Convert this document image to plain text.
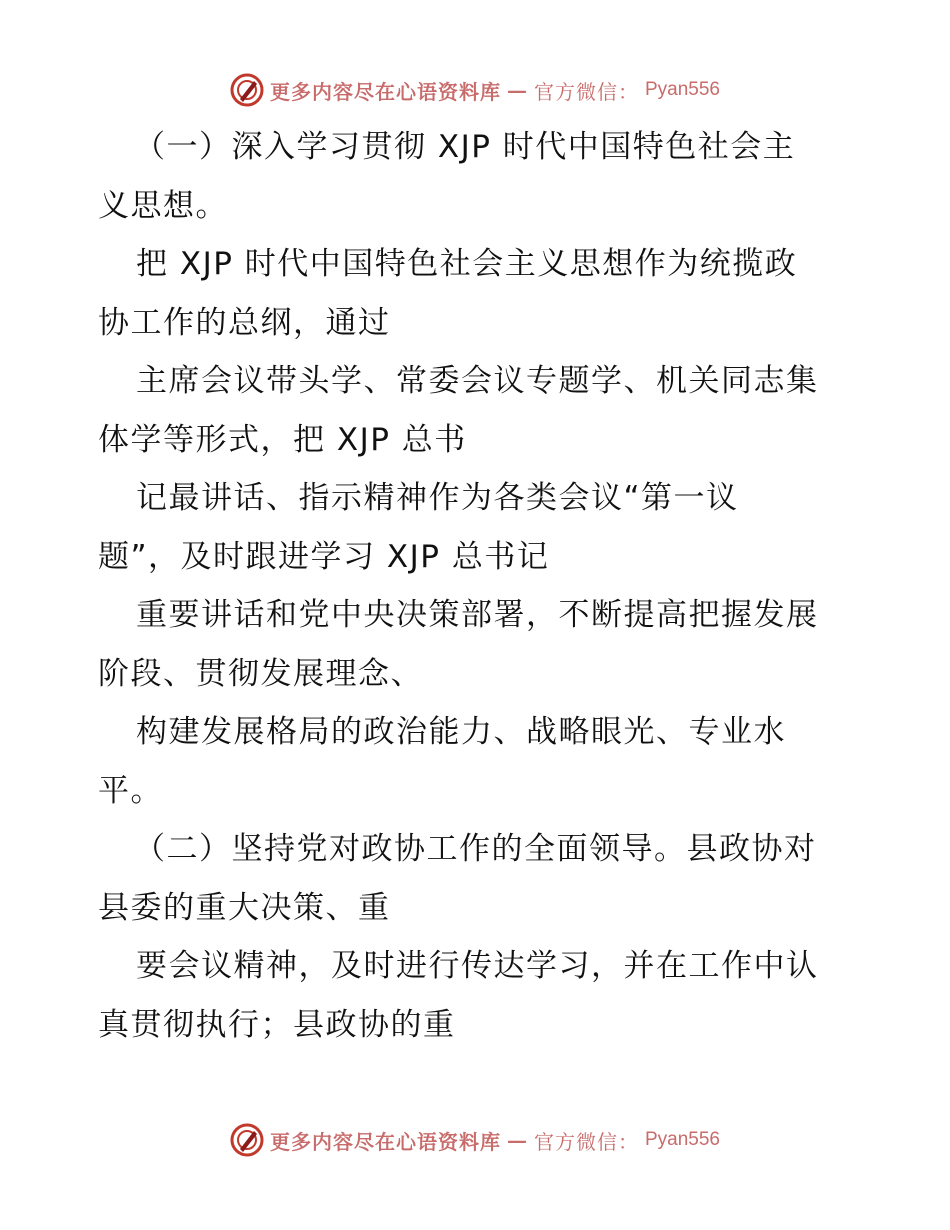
更多内容尽在心语资料库 — 官方微信： Pyan556
（一）深入学习贯彻 XJP 时代中国特色社会主
义思想。
把 XJP 时代中国特色社会主义思想作为统揽政
协工作的总纲，通过
主席会议带头学、常委会议专题学、机关同志集
体学等形式，把 XJP 总书
记最讲话、指示精神作为各类会议“第一议
题”，及时跟进学习 XJP 总书记
重要讲话和党中央决策部署，不断提高把握发展
阶段、贯彻发展理念、
构建发展格局的政治能力、战略眼光、专业水
平。
（二）坚持党对政协工作的全面领导。县政协对
县委的重大决策、重
要会议精神，及时进行传达学习，并在工作中认
真贯彻执行；县政协的重
更多内容尽在心语资料库 — 官方微信： Pyan556
